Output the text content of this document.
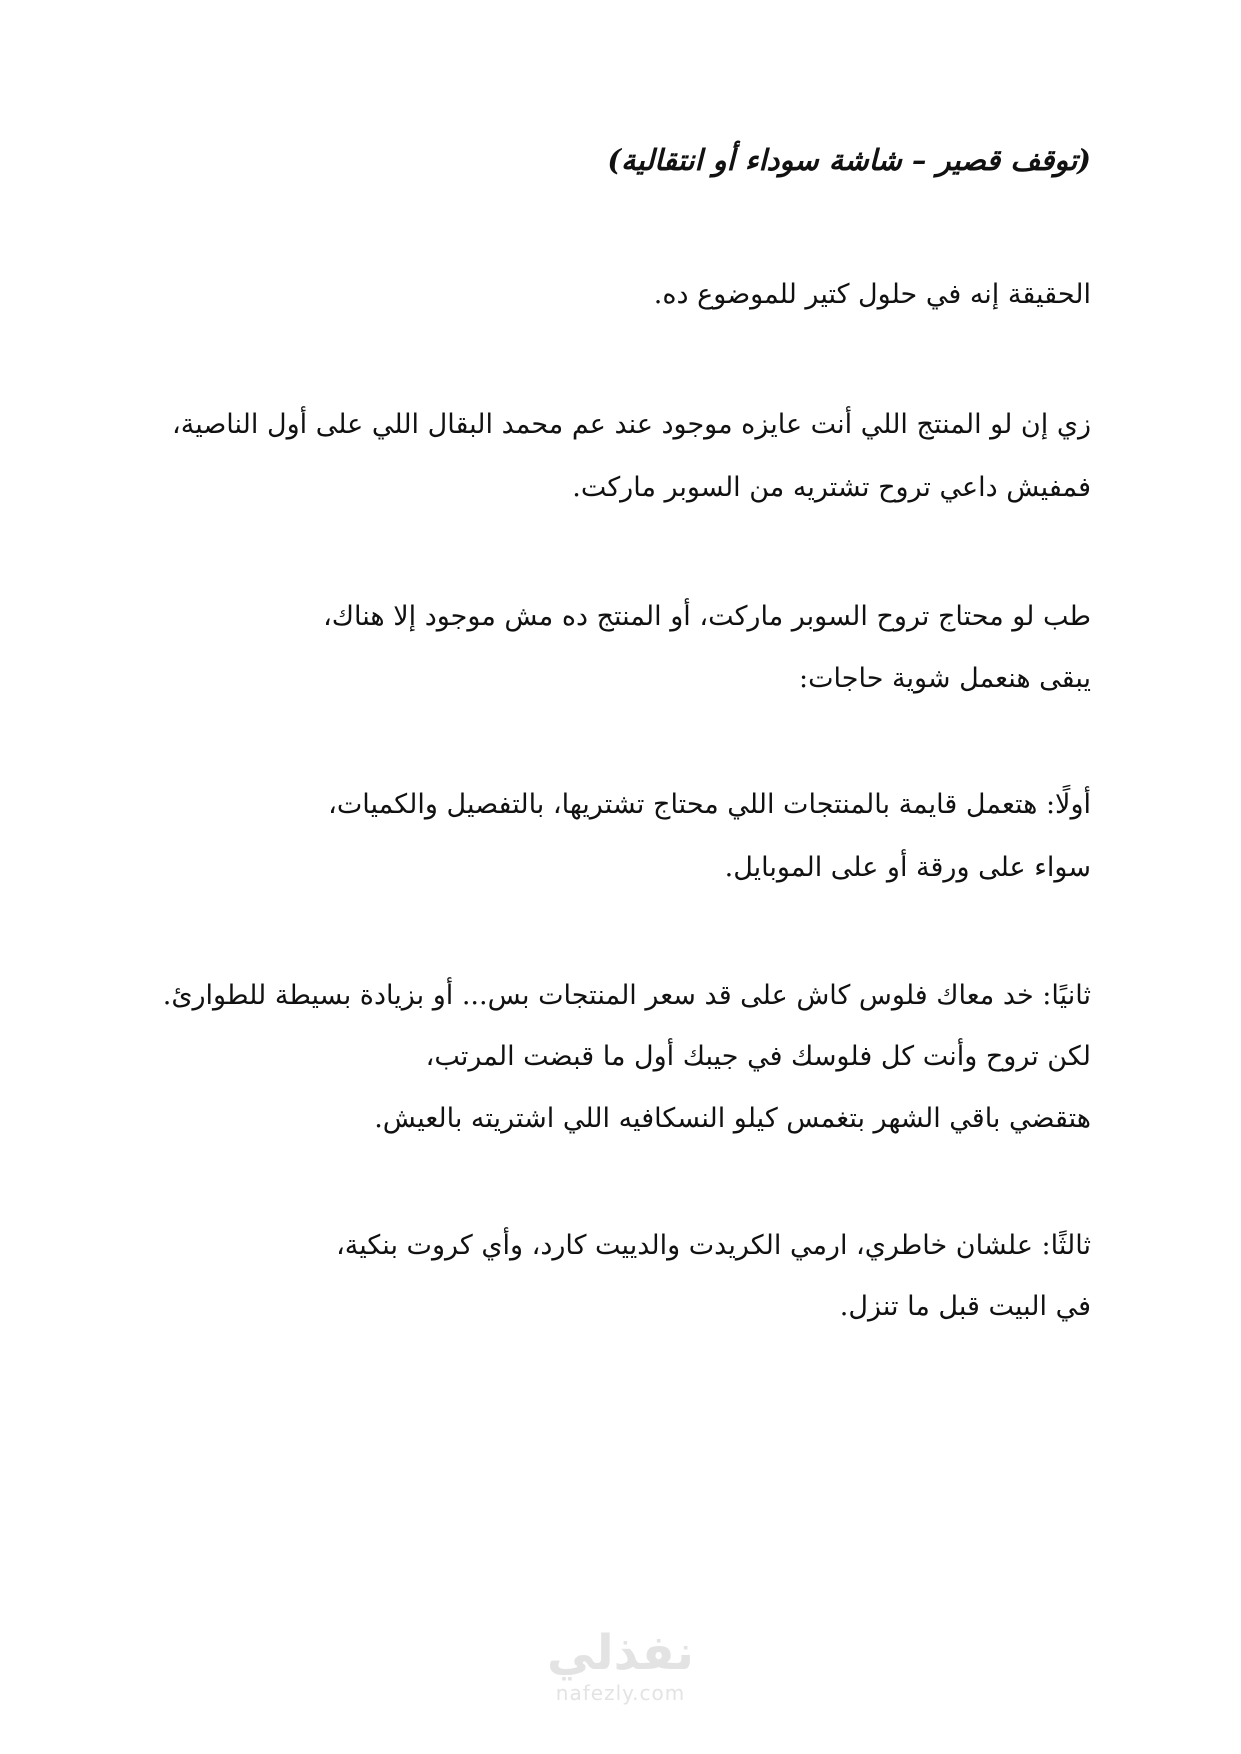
(توقف قصير – شاشة سوداء أو انتقالية)
الحقيقة إنه في حلول كتير للموضوع ده.
زي إن لو المنتج اللي أنت عايزه موجود عند عم محمد البقال اللي على أول الناصية،
فمفيش داعي تروح تشتريه من السوبر ماركت.
طب لو محتاج تروح السوبر ماركت، أو المنتج ده مش موجود إلا هناك،
يبقى هنعمل شوية حاجات:
أولًا: هتعمل قايمة بالمنتجات اللي محتاج تشتريها، بالتفصيل والكميات،
سواء على ورقة أو على الموبايل.
ثانيًا: خد معاك فلوس كاش على قد سعر المنتجات بس... أو بزيادة بسيطة للطوارئ.
لكن تروح وأنت كل فلوسك في جيبك أول ما قبضت المرتب،
هتقضي باقي الشهر بتغمس كيلو النسكافيه اللي اشتريته بالعيش.
ثالثًا: علشان خاطري، ارمي الكريدت والدييت كارد، وأي كروت بنكية،
في البيت قبل ما تنزل.
نفذلي
nafezly.com
